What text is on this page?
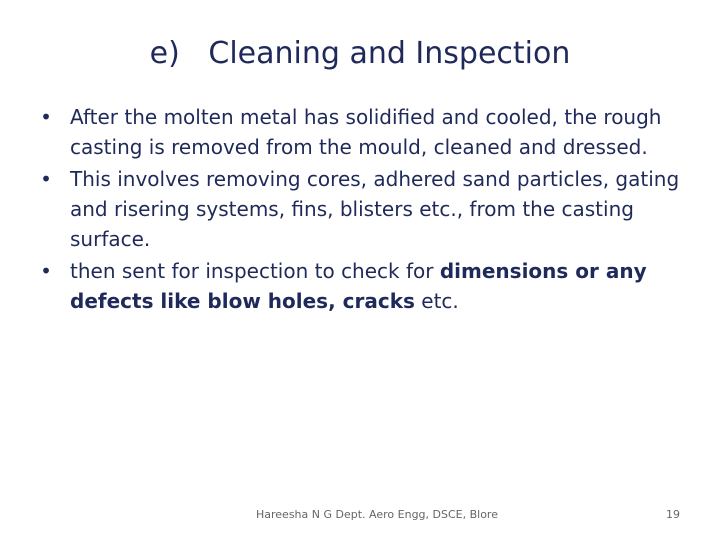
e)   Cleaning and Inspection
• After the molten metal has solidified and cooled, the rough casting is removed from the mould, cleaned and dressed.
• This involves removing cores, adhered sand particles, gating and risering systems, fins, blisters etc., from the casting surface.
• then sent for inspection to check for dimensions or any defects like blow holes, cracks etc.
Hareesha N G Dept. Aero Engg, DSCE, Blore	19
